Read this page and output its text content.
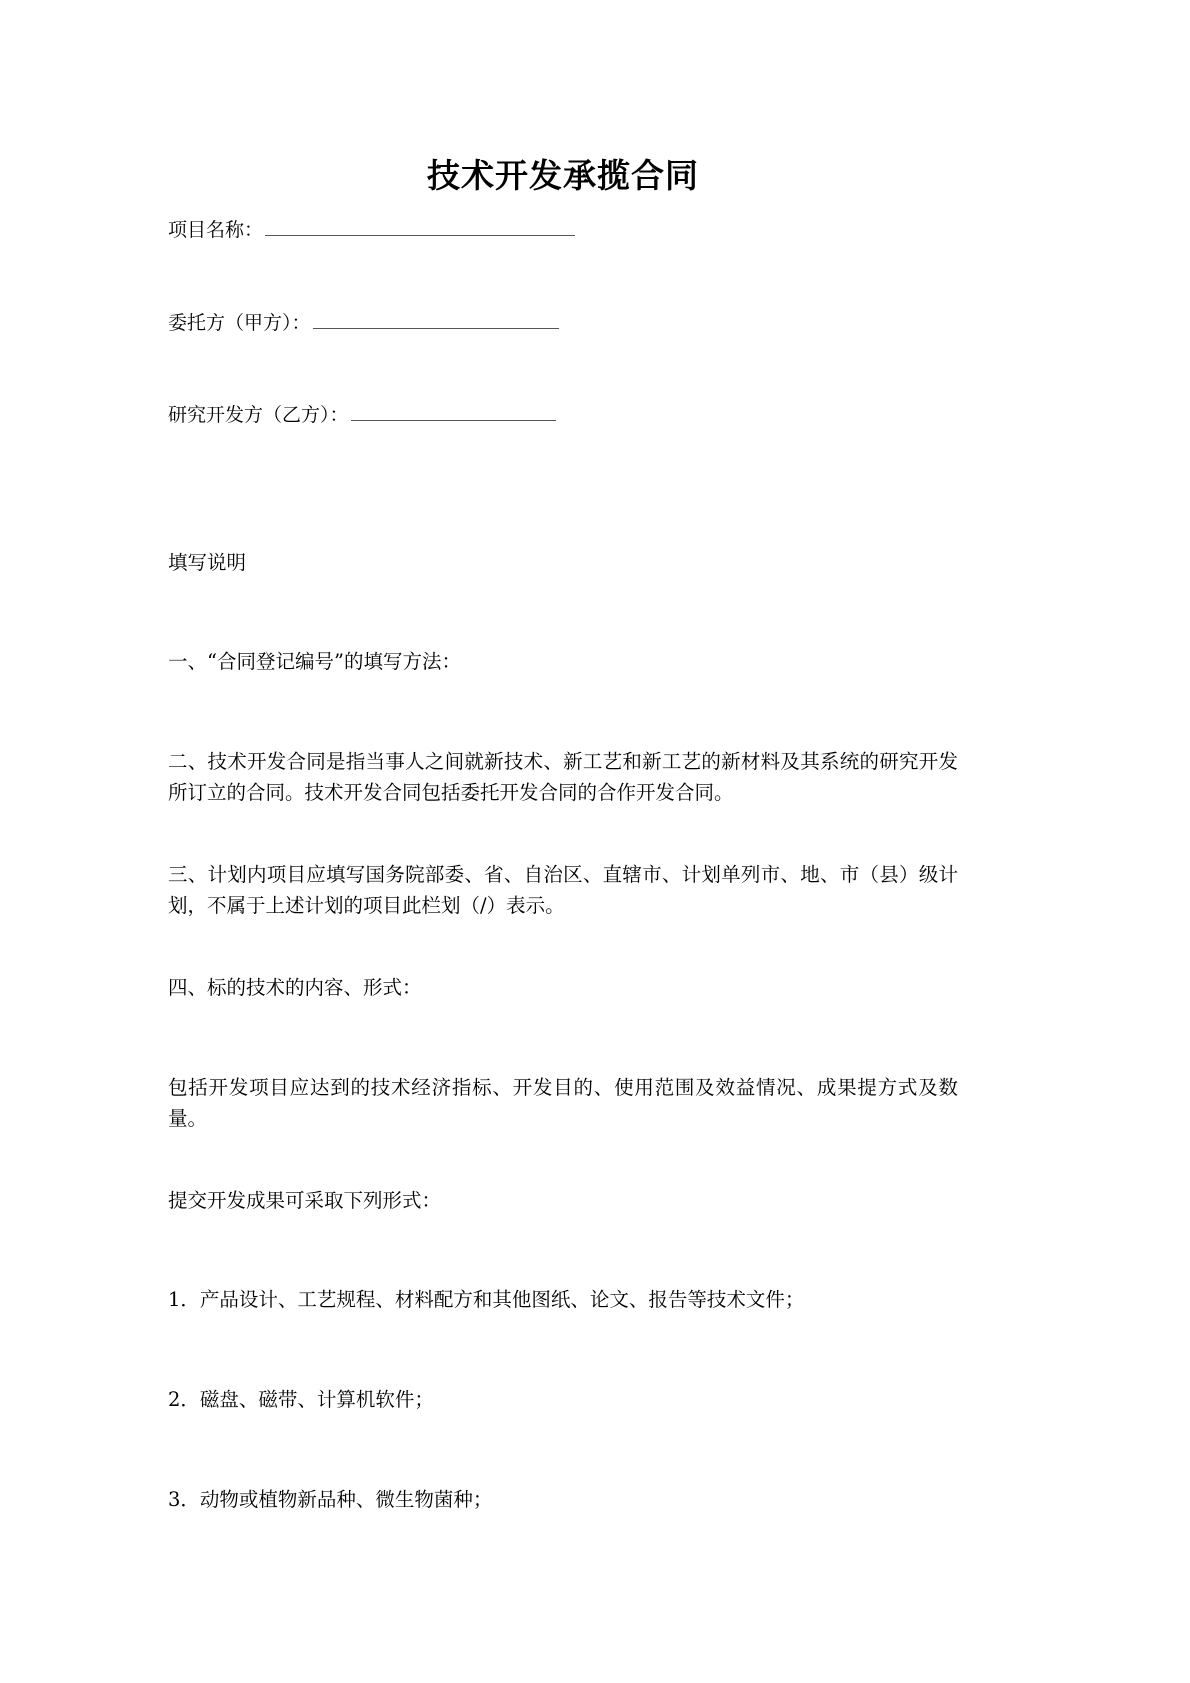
技术开发承揽合同
项目名称：
委托方（甲方）：
研究开发方（乙方）：

填写说明

一、“合同登记编号”的填写方法：

二、技术开发合同是指当事人之间就新技术、新工艺和新工艺的新材料及其系统的研究开发所订立的合同。技术开发合同包括委托开发合同的合作开发合同。

三、计划内项目应填写国务院部委、省、自治区、直辖市、计划单列市、地、市（县）级计划，不属于上述计划的项目此栏划（/）表示。

四、标的技术的内容、形式：

包括开发项目应达到的技术经济指标、开发目的、使用范围及效益情况、成果提方式及数量。

提交开发成果可采取下列形式：

1．产品设计、工艺规程、材料配方和其他图纸、论文、报告等技术文件；

2．磁盘、磁带、计算机软件；

3．动物或植物新品种、微生物菌种；
